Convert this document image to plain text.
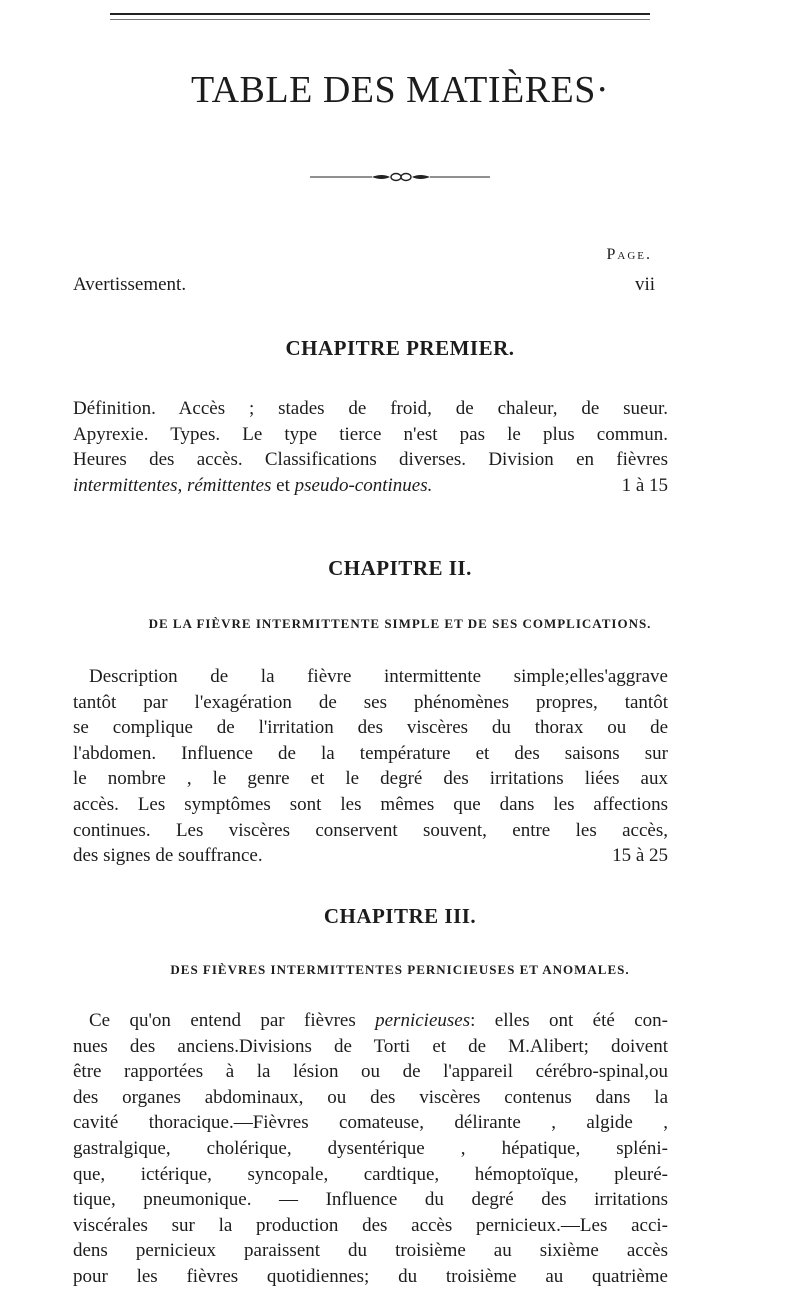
TABLE DES MATIÈRES·
Page.
Avertissement.	vii
CHAPITRE PREMIER.
Définition. Accès ; stades de froid, de chaleur, de sueur.
Apyrexie. Types. Le type tierce n'est pas le plus commun.
Heures des accès. Classifications diverses. Division en fièvres
intermittentes, rémittentes et pseudo-continues.	1 à 15
CHAPITRE II.
DE LA FIÈVRE INTERMITTENTE SIMPLE ET DE SES COMPLICATIONS.
Description de la fièvre intermittente simple;elles'aggrave
tantôt par l'exagération de ses phénomènes propres, tantôt
se complique de l'irritation des viscères du thorax ou de
l'abdomen. Influence de la température et des saisons sur
le nombre , le genre et le degré des irritations liées aux
accès. Les symptômes sont les mêmes que dans les affections
continues. Les viscères conservent souvent, entre les accès,
des signes de souffrance.	15 à 25
CHAPITRE III.
DES FIÈVRES INTERMITTENTES PERNICIEUSES ET ANOMALES.
Ce qu'on entend par fièvres pernicieuses: elles ont été con-
nues des anciens.Divisions de Torti et de M.Alibert; doivent
être rapportées à la lésion ou de l'appareil cérébro-spinal,ou
des organes abdominaux, ou des viscères contenus dans la
cavité thoracique.—Fièvres comateuse, délirante , algide ,
gastralgique, cholérique, dysentérique , hépatique, spléni-
que, ictérique, syncopale, cardtique, hémoptoïque, pleuré-
tique, pneumonique. — Influence du degré des irritations
viscérales sur la production des accès pernicieux.—Les acci-
dens pernicieux paraissent du troisième au sixième accès
pour les fièvres quotidiennes; du troisième au quatrième
